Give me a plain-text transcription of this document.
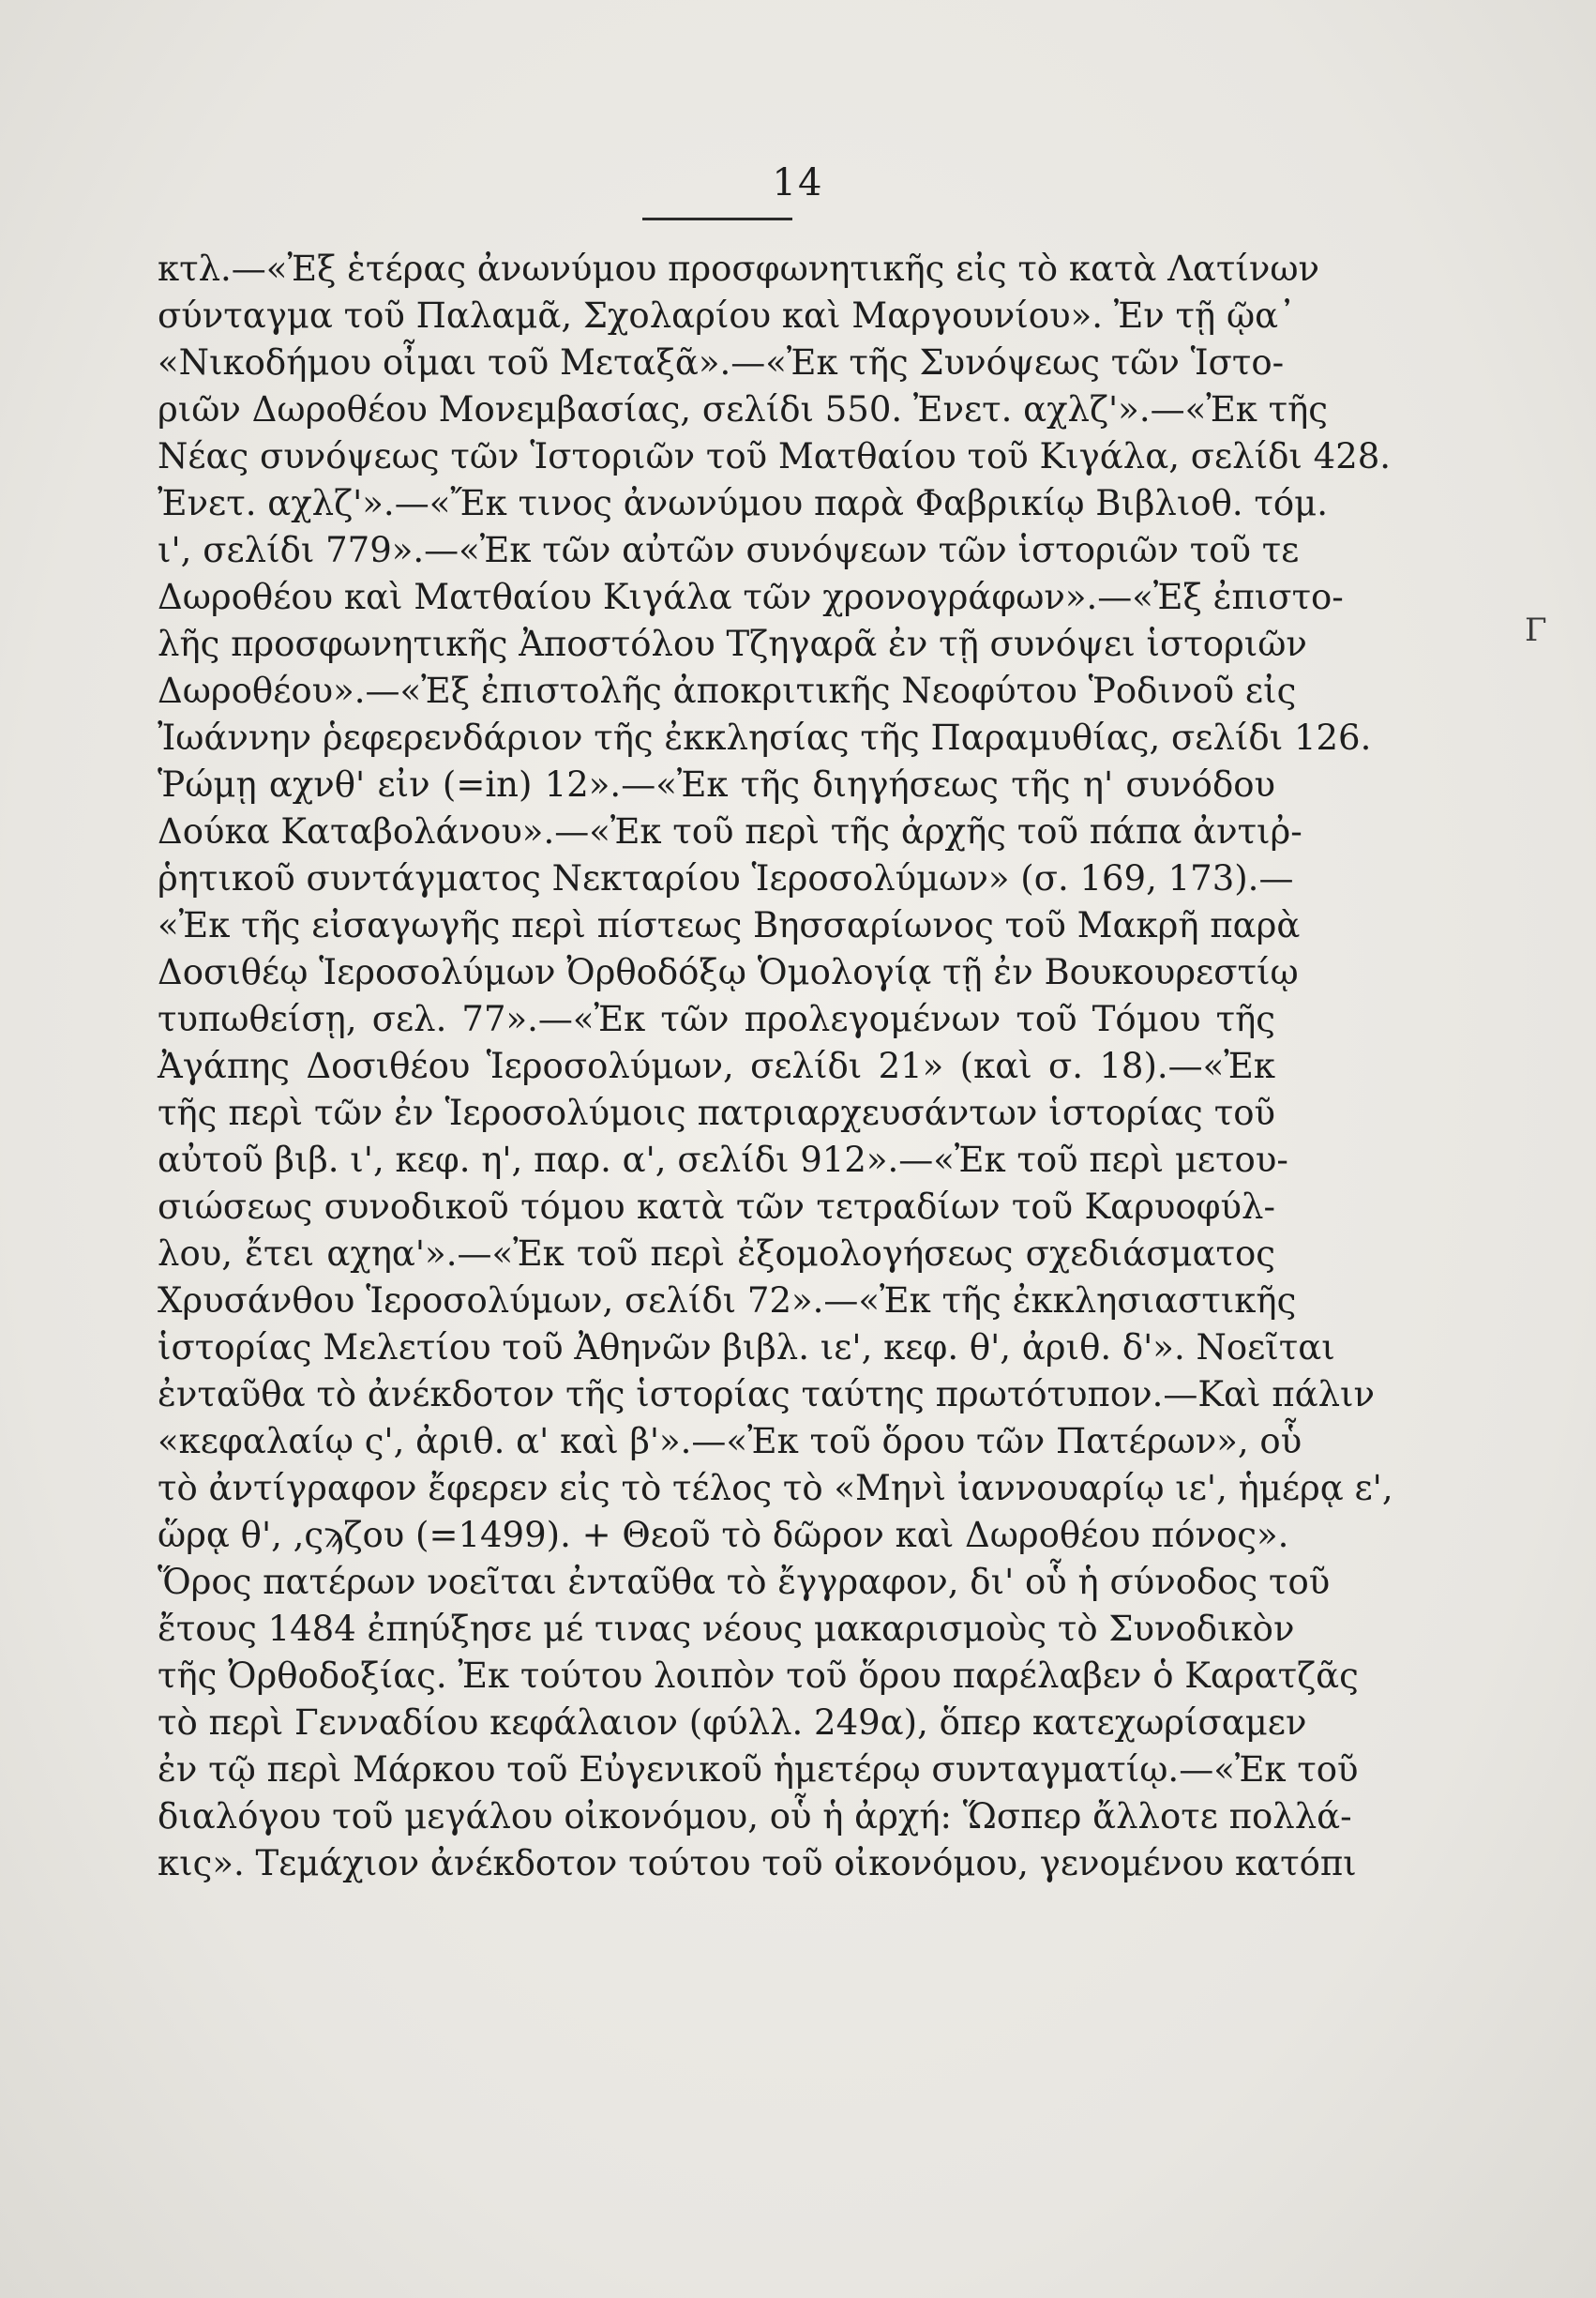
14
κτλ.—«Ἐξ ἑτέρας ἀνωνύμου προσφωνητικῆς εἰς τὸ κατὰ Λατίνων
σύνταγμα τοῦ Παλαμᾶ, Σχολαρίου καὶ Μαργουνίου». Ἐν τῇ ῷα᾽
«Νικοδήμου οἶμαι τοῦ Μεταξᾶ».—«Ἐκ τῆς Συνόψεως τῶν Ἱστο-
ριῶν Δωροθέου Μονεμβασίας, σελίδι 550. Ἐνετ. αχλζ'».—«Ἐκ τῆς
Νέας συνόψεως τῶν Ἱστοριῶν τοῦ Ματθαίου τοῦ Κιγάλα, σελίδι 428.
Ἐνετ. αχλζ'».—«Ἔκ τινος ἀνωνύμου παρὰ Φαβρικίῳ Βιβλιοθ. τόμ.
ι', σελίδι 779».—«Ἐκ τῶν αὐτῶν συνόψεων τῶν ἱστοριῶν τοῦ τε
Δωροθέου καὶ Ματθαίου Κιγάλα τῶν χρονογράφων».—«Ἐξ ἐπιστο-
λῆς προσφωνητικῆς Ἀποστόλου Τζηγαρᾶ ἐν τῇ συνόψει ἱστοριῶν
Δωροθέου».—«Ἐξ ἐπιστολῆς ἀποκριτικῆς Νεοφύτου Ῥοδινοῦ εἰς
Ἰωάννην ῥεφερενδάριον τῆς ἐκκλησίας τῆς Παραμυθίας, σελίδι 126.
Ῥώμῃ αχνθ' εἰν (=in) 12».—«Ἐκ τῆς διηγήσεως τῆς η' συνόδου
Δούκα Καταβολάνου».—«Ἐκ τοῦ περὶ τῆς ἀρχῆς τοῦ πάπα ἀντιῤ-
ῥητικοῦ συντάγματος Νεκταρίου Ἱεροσολύμων» (σ. 169, 173).—
«Ἐκ τῆς εἰσαγωγῆς περὶ πίστεως Βησσαρίωνος τοῦ Μακρῆ παρὰ
Δοσιθέῳ Ἱεροσολύμων Ὀρθοδόξῳ Ὁμολογίᾳ τῇ ἐν Βουκουρεστίῳ
τυπωθείσῃ, σελ. 77».—«Ἐκ τῶν προλεγομένων τοῦ Τόμου τῆς
Ἀγάπης Δοσιθέου Ἱεροσολύμων, σελίδι 21» (καὶ σ. 18).—«Ἐκ
τῆς περὶ τῶν ἐν Ἱεροσολύμοις πατριαρχευσάντων ἱστορίας τοῦ
αὐτοῦ βιβ. ι', κεφ. η', παρ. α', σελίδι 912».—«Ἐκ τοῦ περὶ μετου-
σιώσεως συνοδικοῦ τόμου κατὰ τῶν τετραδίων τοῦ Καρυοφύλ-
λου, ἔτει αχηα'».—«Ἐκ τοῦ περὶ ἐξομολογήσεως σχεδιάσματος
Χρυσάνθου Ἱεροσολύμων, σελίδι 72».—«Ἐκ τῆς ἐκκλησιαστικῆς
ἱστορίας Μελετίου τοῦ Ἀθηνῶν βιβλ. ιε', κεφ. θ', ἀριθ. δ'». Νοεῖται
ἐνταῦθα τὸ ἀνέκδοτον τῆς ἱστορίας ταύτης πρωτότυπον.—Καὶ πάλιν
«κεφαλαίῳ ς', ἀριθ. α' καὶ β'».—«Ἐκ τοῦ ὅρου τῶν Πατέρων», οὗ
τὸ ἀντίγραφον ἔφερεν εἰς τὸ τέλος τὸ «Μηνὶ ἰαννουαρίῳ ιε', ἡμέρᾳ ε',
ὥρᾳ θ', ,ςϡζου (=1499). + Θεοῦ τὸ δῶρον καὶ Δωροθέου πόνος».
Ὅρος πατέρων νοεῖται ἐνταῦθα τὸ ἔγγραφον, δι' οὗ ἡ σύνοδος τοῦ
ἔτους 1484 ἐπηύξησε μέ τινας νέους μακαρισμοὺς τὸ Συνοδικὸν
τῆς Ὀρθοδοξίας. Ἐκ τούτου λοιπὸν τοῦ ὅρου παρέλαβεν ὁ Καρατζᾶς
τὸ περὶ Γενναδίου κεφάλαιον (φύλλ. 249α), ὅπερ κατεχωρίσαμεν
ἐν τῷ περὶ Μάρκου τοῦ Εὐγενικοῦ ἡμετέρῳ συνταγματίῳ.—«Ἐκ τοῦ
διαλόγου τοῦ μεγάλου οἰκονόμου, οὗ ἡ ἀρχή: Ὥσπερ ἄλλοτε πολλά-
κις». Τεμάχιον ἀνέκδοτον τούτου τοῦ οἰκονόμου, γενομένου κατόπι
Γ
